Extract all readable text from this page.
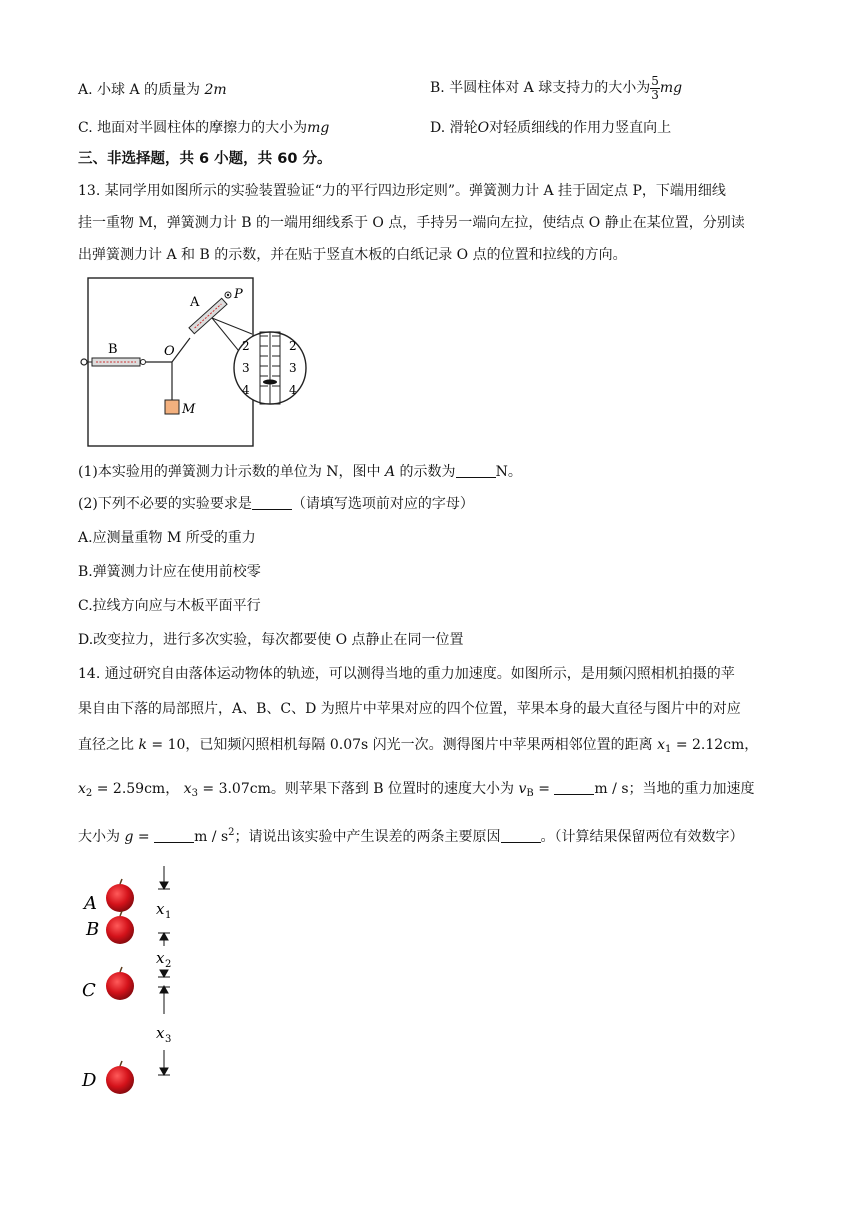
A. 小球 A 的质量为 2m	B. 半圆柱体对 A 球支持力的大小为 $\frac{5}{3}$ mg
C. 地面对半圆柱体的摩擦力的大小为mg	D. 滑轮O对轻质细线的作用力竖直向上
三、非选择题，共 6 小题，共 60 分。
13. 某同学用如图所示的实验装置验证“力的平行四边形定则”。弹簧测力计 A 挂于固定点 P，下端用细线
挂一重物 M，弹簧测力计 B 的一端用细线系于 O 点，手持另一端向左拉，使结点 O 静止在某位置，分别读
出弹簧测力计 A 和 B 的示数，并在贴于竖直木板的白纸记录 O 点的位置和拉线的方向。
B	O
M
A
P
2
3
4
2
3
4
(1)本实验用的弹簧测力计示数的单位为 N，图中 A 的示数为	N。
(2)下列不必要的实验要求是	（请填写选项前对应的字母）
A.应测量重物 M 所受的重力
B.弹簧测力计应在使用前校零
C.拉线方向应与木板平面平行
D.改变拉力，进行多次实验，每次都要使 O 点静止在同一位置
14. 通过研究自由落体运动物体的轨迹，可以测得当地的重力加速度。如图所示，是用频闪照相机拍摄的苹
果自由下落的局部照片，A、B、C、D 为照片中苹果对应的四个位置，苹果本身的最大直径与图片中的对应
直径之比 k = 10，已知频闪照相机每隔 0.07s 闪光一次。测得图片中苹果两相邻位置的距离 $x_1 = 2.12cm$，
$x_2 = 2.59cm$， $x_3 = 3.07cm$。则苹果下落到 B 位置时的速度大小为 $v_B$ =	m / s；当地的重力加速度
大小为 g =	m / $s^2$；请说出该实验中产生误差的两条主要原因	。（计算结果保留两位有效数字）
A
B
C
D
x 1
x 2
x 3
